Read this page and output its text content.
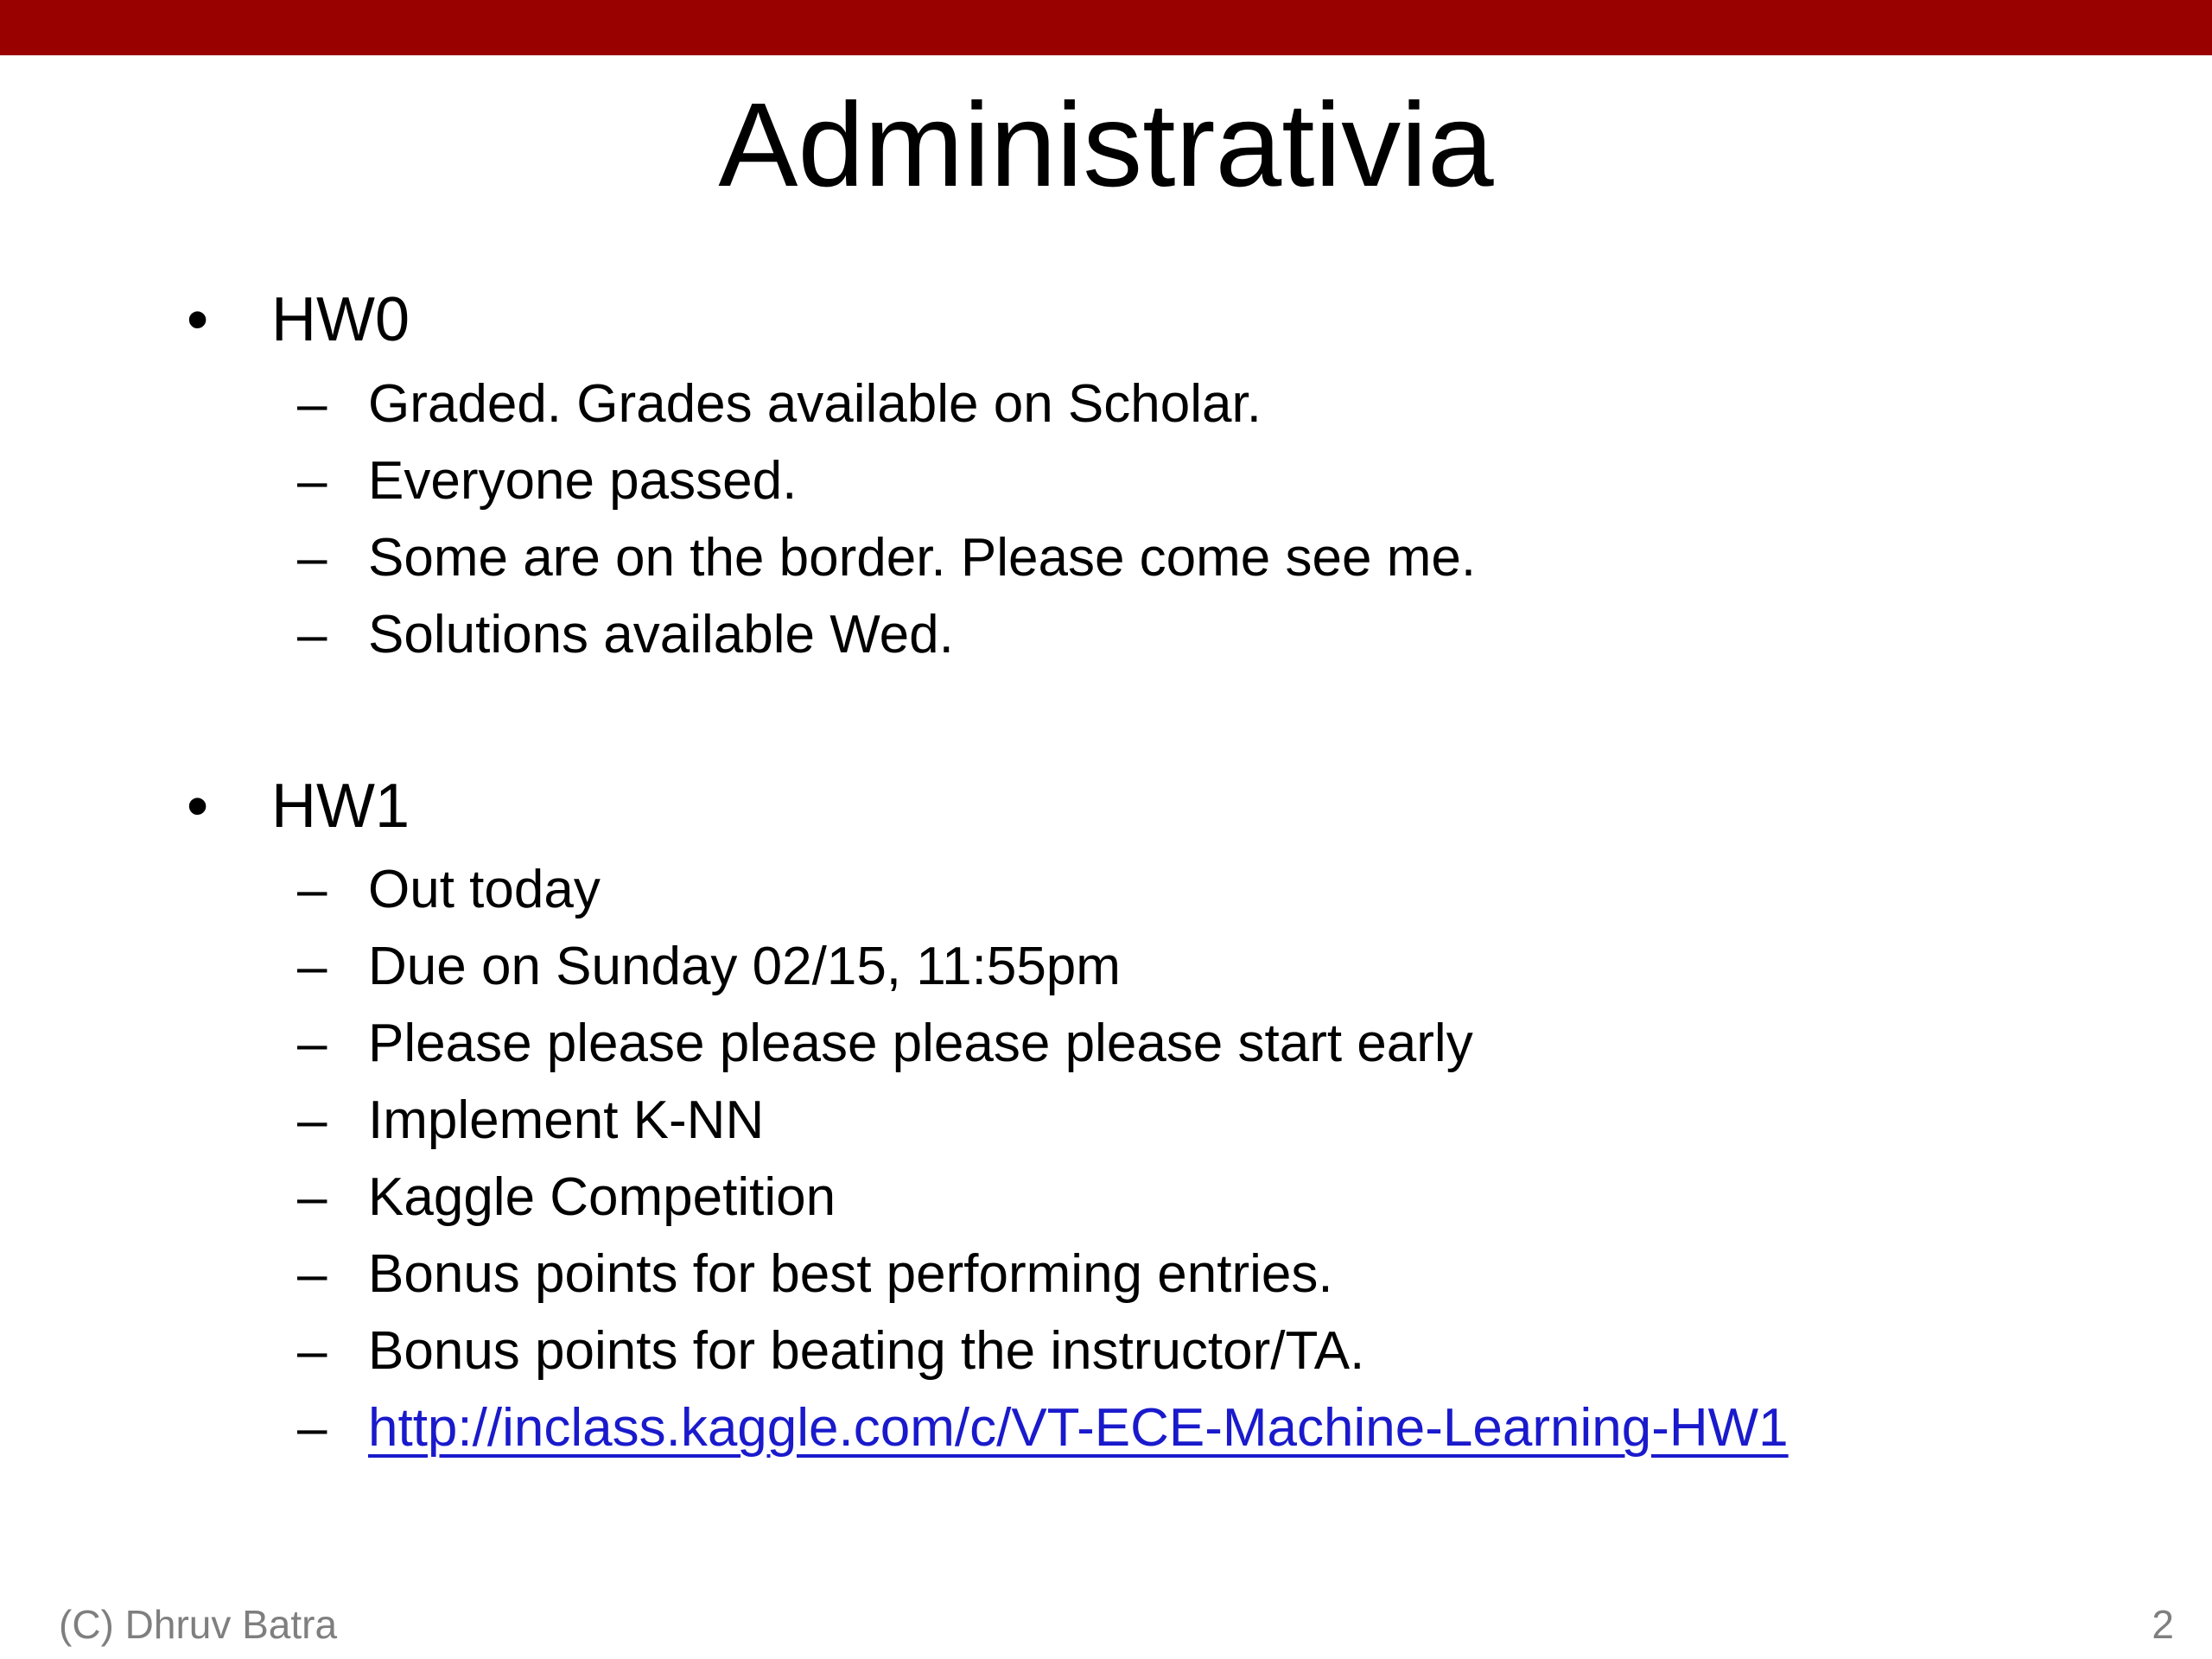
Administrativia
• HW0
– Graded. Grades available on Scholar.
– Everyone passed.
– Some are on the border. Please come see me.
– Solutions available Wed.
• HW1
– Out today
– Due on Sunday 02/15, 11:55pm
– Please please please please please start early
– Implement K-NN
– Kaggle Competition
– Bonus points for best performing entries.
– Bonus points for beating the instructor/TA.
– http://inclass.kaggle.com/c/VT-ECE-Machine-Learning-HW1
(C) Dhruv Batra	2
